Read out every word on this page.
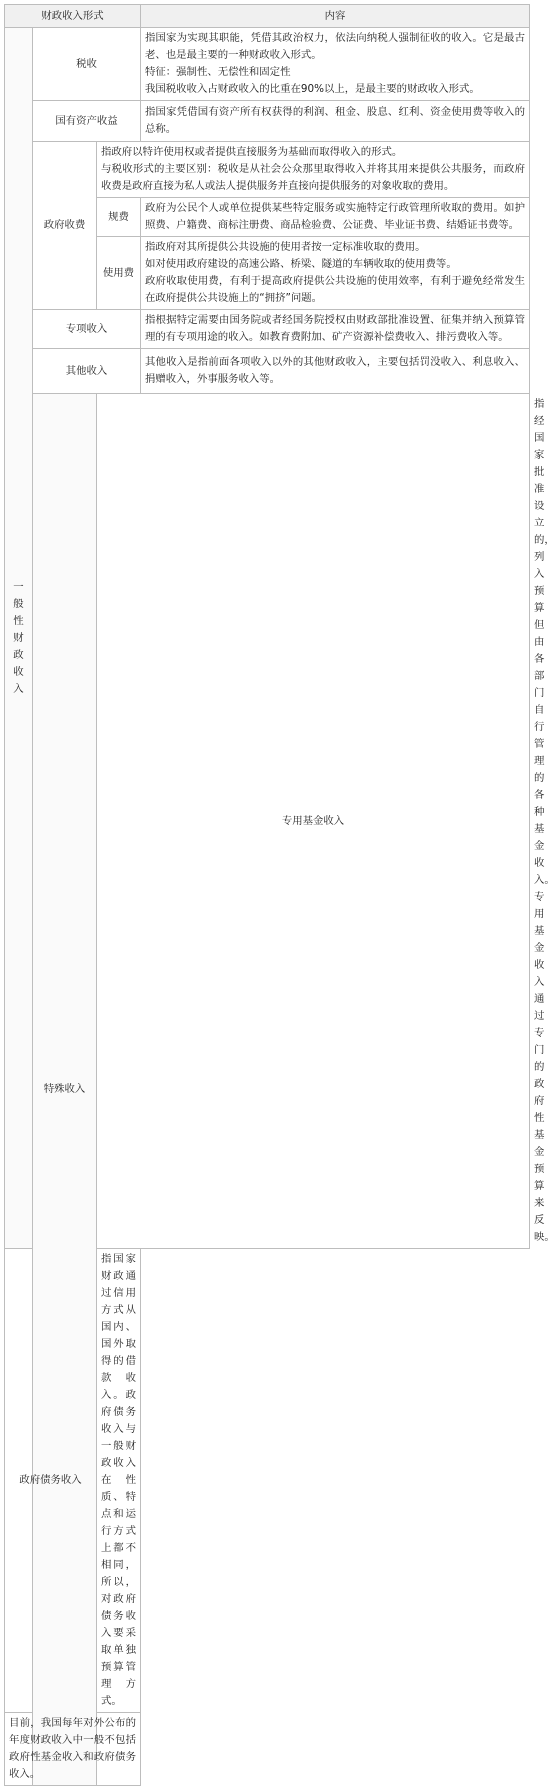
财政收入形式			内容	
一般性财政收入	税收		指国家为实现其职能，凭借其政治权力，依法向纳税人强制征收的收入。它是最古老、也是最主要的一种财政收入形式。

特征：强制性、无偿性和固定性

我国税收收入占财政收入的比重在90%以上，是最主要的财政收入形式。	

	国有资产收益		指国家凭借国有资产所有权获得的利润、租金、股息、红利、资金使用费等收入的总称。	
	政府收费	指政府以特许使用权或者提供直接服务为基础而取得收入的形式。

与税收形式的主要区别：税收是从社会公众那里取得收入并将其用来提供公共服务，而政府收费是政府直接为私人或法人提供服务并直接向提供服务的对象收取的费用。		

		规费	政府为公民个人或单位提供某些特定服务或实施特定行政管理所收取的费用。如护照费、户籍费、商标注册费、商品检验费、公证费、毕业证书费、结婚证书费等。	
		使用费	指政府对其所提供公共设施的使用者按一定标准收取的费用。

如对使用政府建设的高速公路、桥梁、隧道的车辆收取的使用费等。

政府收取使用费，有利于提高政府提供公共设施的使用效率，有利于避免经常发生在政府提供公共设施上的“拥挤”问题。	

	专项收入		指根据特定需要由国务院或者经国务院授权由财政部批准设置、征集并纳入预算管理的有专项用途的收入。如教育费附加、矿产资源补偿费收入、排污费收入等。	
	其他收入		其他收入是指前面各项收入以外的其他财政收入，主要包括罚没收入、利息收入、捐赠收入，外事服务收入等。	
	特殊收入	专用基金收入		指经国家批准设立的，列入预算但由各部门自行管理的各种基金收入。专用基金收入通过专门的政府性基金预算来反映。
政府债务收入		指国家财政通过信用方式从国内、国外取得的借款收入。政府债务收入与一般财政收入在性质、特点和运行方式上都不相同，所以，对政府债务收入要采取单独预算管理方式。		
目前，我国每年对外公布的年度财政收入中一般不包括政府性基金收入和政府债务收入。				
